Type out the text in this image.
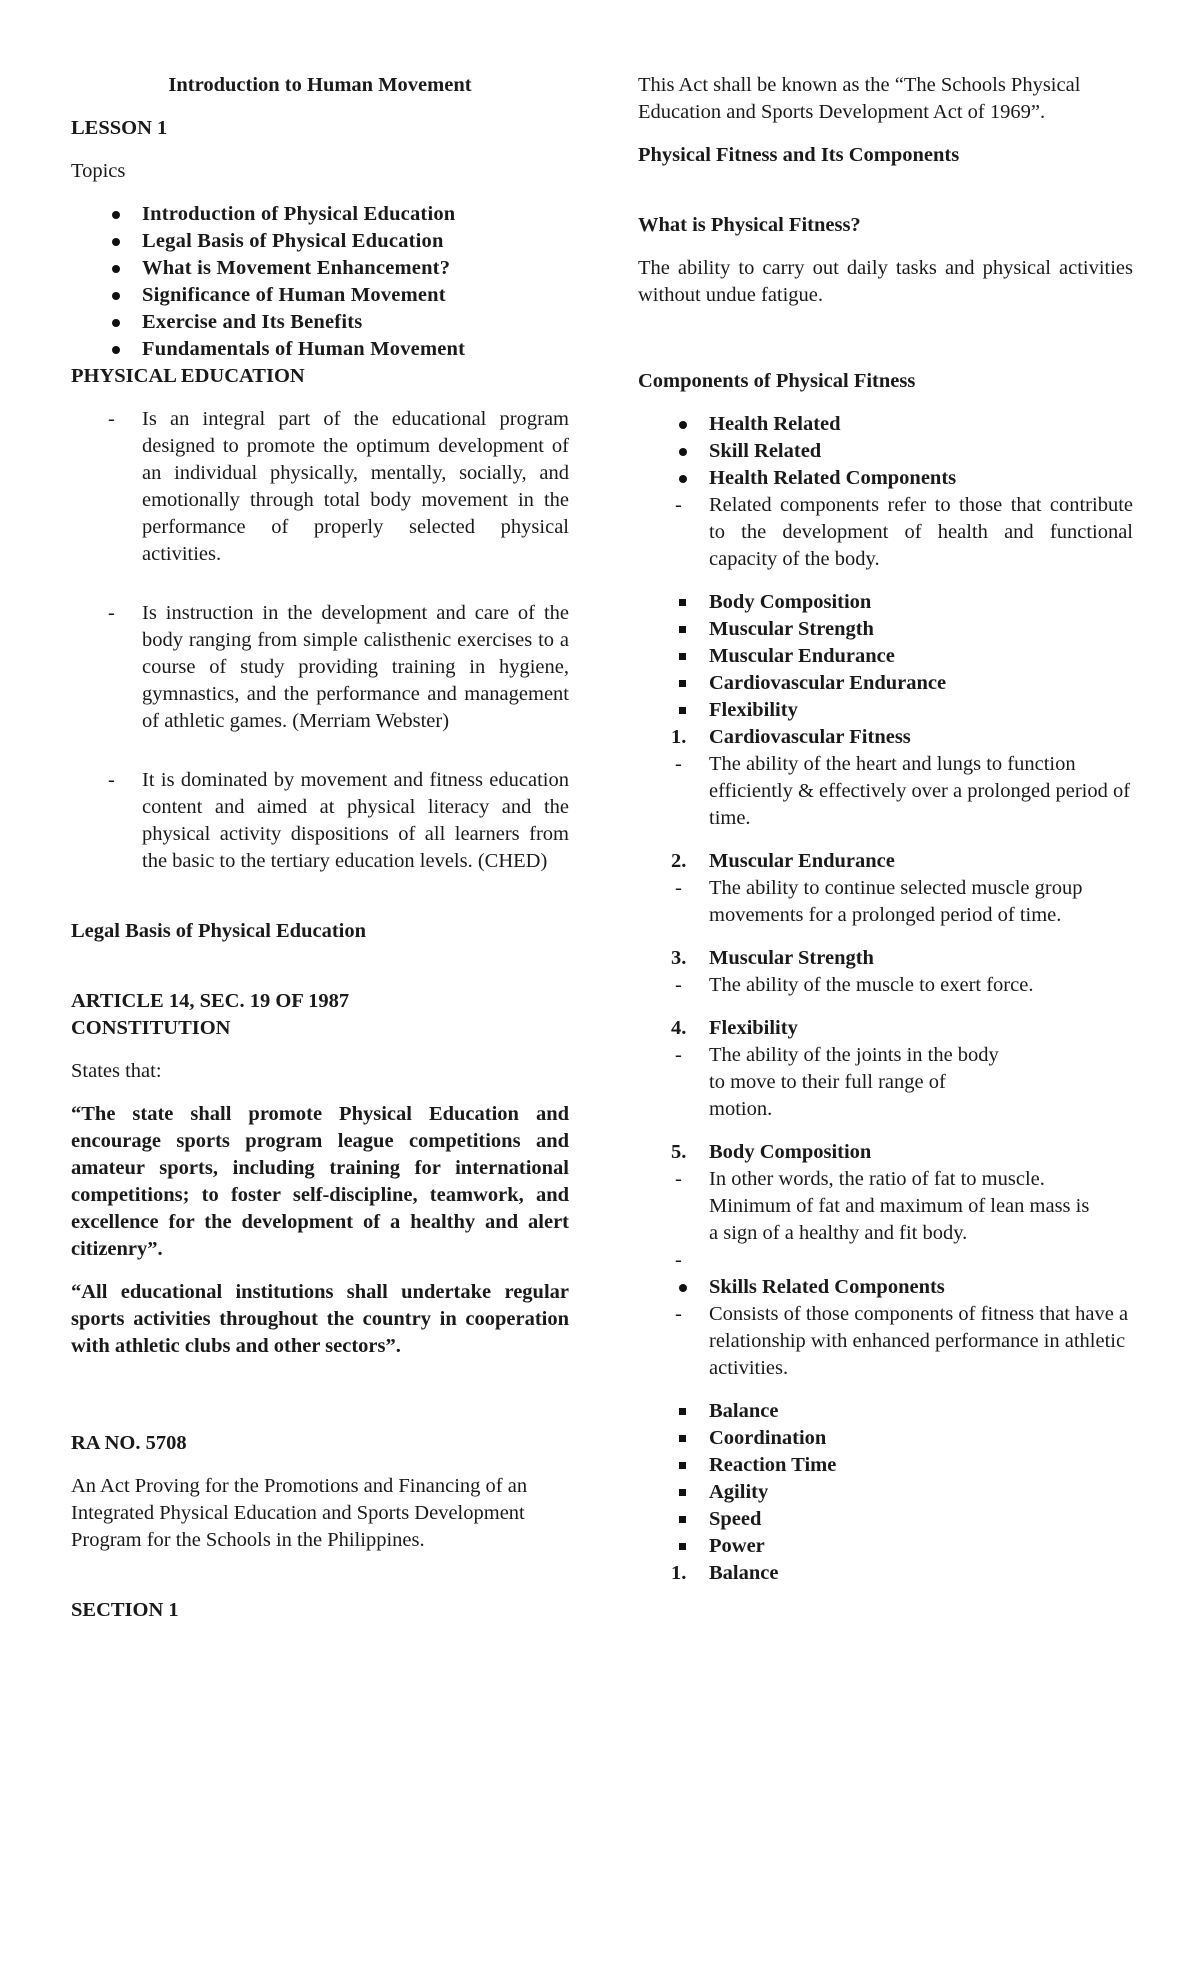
Introduction to Human Movement

LESSON 1

Topics

Introduction of Physical Education
Legal Basis of Physical Education
What is Movement Enhancement?
Significance of Human Movement
Exercise and Its Benefits
Fundamentals of Human Movement

PHYSICAL EDUCATION

- Is an integral part of the educational program designed to promote the optimum development of an individual physically, mentally, socially, and emotionally through total body movement in the performance of properly selected physical activities.
- Is instruction in the development and care of the body ranging from simple calisthenic exercises to a course of study providing training in hygiene, gymnastics, and the performance and management of athletic games. (Merriam Webster)
- It is dominated by movement and fitness education content and aimed at physical literacy and the physical activity dispositions of all learners from the basic to the tertiary education levels. (CHED)

Legal Basis of Physical Education

ARTICLE 14, SEC. 19 OF 1987 CONSTITUTION

States that:

“The state shall promote Physical Education and encourage sports program league competitions and amateur sports, including training for international competitions; to foster self-discipline, teamwork, and excellence for the development of a healthy and alert citizenry”.

“All educational institutions shall undertake regular sports activities throughout the country in cooperation with athletic clubs and other sectors”.

RA NO. 5708

An Act Proving for the Promotions and Financing of an Integrated Physical Education and Sports Development Program for the Schools in the Philippines.

SECTION 1

This Act shall be known as the “The Schools Physical Education and Sports Development Act of 1969”.

Physical Fitness and Its Components

What is Physical Fitness?

The ability to carry out daily tasks and physical activities without undue fatigue.

Components of Physical Fitness

Health Related
Skill Related
Health Related Components
- Related components refer to those that contribute to the development of health and functional capacity of the body.
Body Composition
Muscular Strength
Muscular Endurance
Cardiovascular Endurance
Flexibility
1. Cardiovascular Fitness
- The ability of the heart and lungs to function efficiently & effectively over a prolonged period of time.
2. Muscular Endurance
- The ability to continue selected muscle group movements for a prolonged period of time.
3. Muscular Strength
- The ability of the muscle to exert force.
4. Flexibility
- The ability of the joints in the body to move to their full range of motion.
5. Body Composition
- In other words, the ratio of fat to muscle. Minimum of fat and maximum of lean mass is a sign of a healthy and fit body.
-

Skills Related Components
- Consists of those components of fitness that have a relationship with enhanced performance in athletic activities.
Balance
Coordination
Reaction Time
Agility
Speed
Power
1. Balance
